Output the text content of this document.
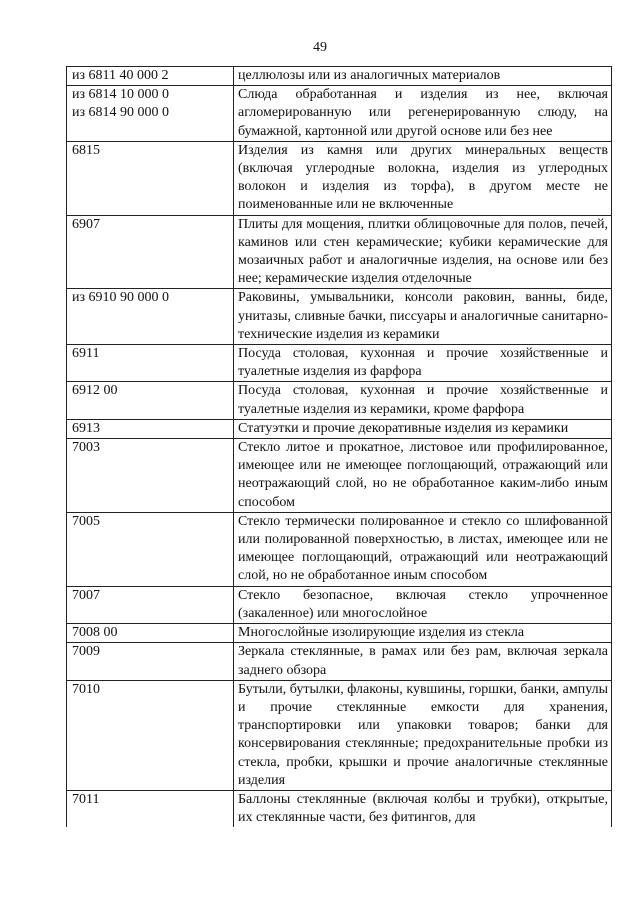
49
из 6811 40 000 2	целлюлозы или из аналогичных материалов

из 6814 10 000 0
из 6814 90 000 0	Слюда обработанная и изделия из нее, включая агломерированную или регенерированную слюду, на бумажной, картонной или другой основе или без нее

6815	Изделия из камня или других минеральных веществ (включая углеродные волокна, изделия из углеродных волокон и изделия из торфа), в другом месте не поименованные или не включенные

6907	Плиты для мощения, плитки облицовочные для полов, печей, каминов или стен керамические; кубики керамические для мозаичных работ и аналогичные изделия, на основе или без нее; керамические изделия отделочные

из 6910 90 000 0	Раковины, умывальники, консоли раковин, ванны, биде, унитазы, сливные бачки, писсуары и аналогичные санитарно-технические изделия из керамики

6911	Посуда столовая, кухонная и прочие хозяйственные и туалетные изделия из фарфора

6912 00	Посуда столовая, кухонная и прочие хозяйственные и туалетные изделия из керамики, кроме фарфора

6913	Статуэтки и прочие декоративные изделия из керамики

7003	Стекло литое и прокатное, листовое или профилированное, имеющее или не имеющее поглощающий, отражающий или неотражающий слой, но не обработанное каким-либо иным способом

7005	Стекло термически полированное и стекло со шлифованной или полированной поверхностью, в листах, имеющее или не имеющее поглощающий, отражающий или неотражающий слой, но не обработанное иным способом

7007	Стекло безопасное, включая стекло упрочненное (закаленное) или многослойное

7008 00	Многослойные изолирующие изделия из стекла

7009	Зеркала стеклянные, в рамах или без рам, включая зеркала заднего обзора

7010	Бутыли, бутылки, флаконы, кувшины, горшки, банки, ампулы и прочие стеклянные емкости для хранения, транспортировки или упаковки товаров; банки для консервирования стеклянные; предохранительные пробки из стекла, пробки, крышки и прочие аналогичные стеклянные изделия

7011	Баллоны стеклянные (включая колбы и трубки), открытые, их стеклянные части, без фитингов, для
